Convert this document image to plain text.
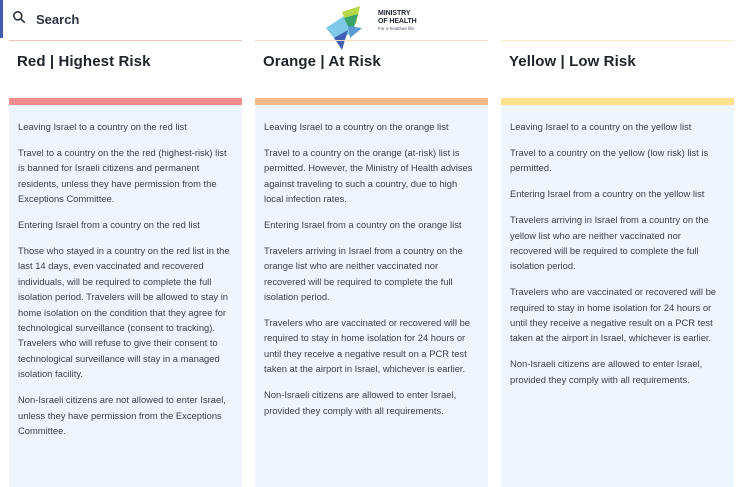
Search	MINISTRY
OF HEALTH
For a healthier life
Red | Highest Risk

Leaving Israel to a country on the red list

Travel to a country on the the red (highest-risk) list is banned for Israeli citizens and permanent residents, unless they have permission from the Exceptions Committee.

Entering Israel from a country on the red list

Those who stayed in a country on the red list in the last 14 days, even vaccinated and recovered individuals, will be required to complete the full isolation period. Travelers will be allowed to stay in home isolation on the condition that they agree for technological surveillance (consent to tracking). Travelers who will refuse to give their consent to technological surveillance will stay in a managed isolation facility.

Non-Israeli citizens are not allowed to enter Israel, unless they have permission from the Exceptions Committee.

Orange | At Risk

Leaving Israel to a country on the orange list

Travel to a country on the orange (at-risk) list is permitted. However, the Ministry of Health advises against traveling to such a country, due to high local infection rates.

Entering Israel from a country on the orange list

Travelers arriving in Israel from a country on the orange list who are neither vaccinated nor recovered will be required to complete the full isolation period.

Travelers who are vaccinated or recovered will be required to stay in home isolation for 24 hours or until they receive a negative result on a PCR test taken at the airport in Israel, whichever is earlier.

Non-Israeli citizens are allowed to enter Israel, provided they comply with all requirements.

Yellow | Low Risk

Leaving Israel to a country on the yellow list

Travel to a country on the yellow (low risk) list is permitted.

Entering Israel from a country on the yellow list

Travelers arriving in Israel from a country on the yellow list who are neither vaccinated nor recovered will be required to complete the full isolation period.

Travelers who are vaccinated or recovered will be required to stay in home isolation for 24 hours or until they receive a negative result on a PCR test taken at the airport in Israel, whichever is earlier.

Non-Israeli citizens are allowed to enter Israel, provided they comply with all requirements.
